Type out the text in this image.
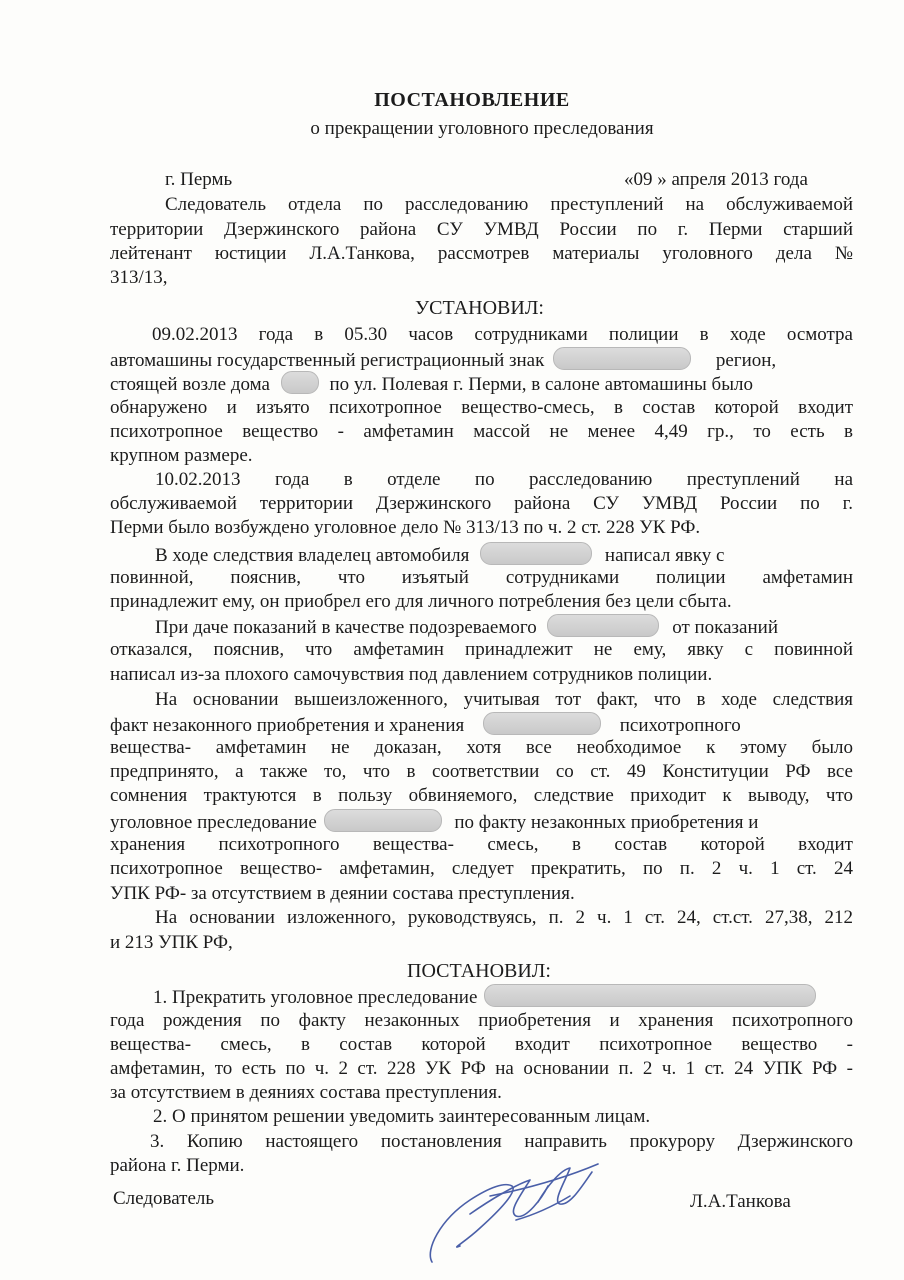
ПОСТАНОВЛЕНИЕ
о прекращении уголовного преследования
г. Пермь	«09 » апреля 2013 года
Следователь отдела по расследованию преступлений на обслуживаемой
территории Дзержинского района СУ УМВД России по г. Перми старший
лейтенант юстиции Л.А.Танкова, рассмотрев материалы уголовного дела №
313/13,
УСТАНОВИЛ:
09.02.2013 года в 05.30 часов сотрудниками полиции в ходе осмотра
автомашины государственный регистрационный знак	регион,
стоящей возле дома	по ул. Полевая г. Перми, в салоне автомашины было
обнаружено и изъято психотропное вещество-смесь, в состав которой входит
психотропное вещество - амфетамин массой не менее 4,49 гр., то есть в
крупном размере.
10.02.2013 года в отделе по расследованию преступлений на
обслуживаемой территории Дзержинского района СУ УМВД России по г.
Перми было возбуждено уголовное дело № 313/13 по ч. 2 ст. 228 УК РФ.
В ходе следствия владелец автомобиля	написал явку с
повинной, пояснив, что изъятый сотрудниками полиции амфетамин
принадлежит ему, он приобрел его для личного потребления без цели сбыта.
При даче показаний в качестве подозреваемого	от показаний
отказался, пояснив, что амфетамин принадлежит не ему, явку с повинной
написал из-за плохого самочувствия под давлением сотрудников полиции.
На основании вышеизложенного, учитывая тот факт, что в ходе следствия
факт незаконного приобретения и хранения	психотропного
вещества- амфетамин не доказан, хотя все необходимое к этому было
предпринято, а также то, что в соответствии со ст. 49 Конституции РФ все
сомнения трактуются в пользу обвиняемого, следствие приходит к выводу, что
уголовное преследование	по факту незаконных приобретения и
хранения психотропного вещества- смесь, в состав которой входит
психотропное вещество- амфетамин, следует прекратить, по п. 2 ч. 1 ст. 24
УПК РФ- за отсутствием в деянии состава преступления.
На основании изложенного, руководствуясь, п. 2 ч. 1 ст. 24, ст.ст. 27,38, 212
и 213 УПК РФ,
ПОСТАНОВИЛ:
1. Прекратить уголовное преследование
года рождения по факту незаконных приобретения и хранения психотропного
вещества- смесь, в состав которой входит психотропное вещество -
амфетамин, то есть по ч. 2 ст. 228 УК РФ на основании п. 2 ч. 1 ст. 24 УПК РФ -
за отсутствием в деяниях состава преступления.
2. О принятом решении уведомить заинтересованным лицам.
3. Копию настоящего постановления направить прокурору Дзержинского
района г. Перми.
Следователь	Л.А.Танкова
